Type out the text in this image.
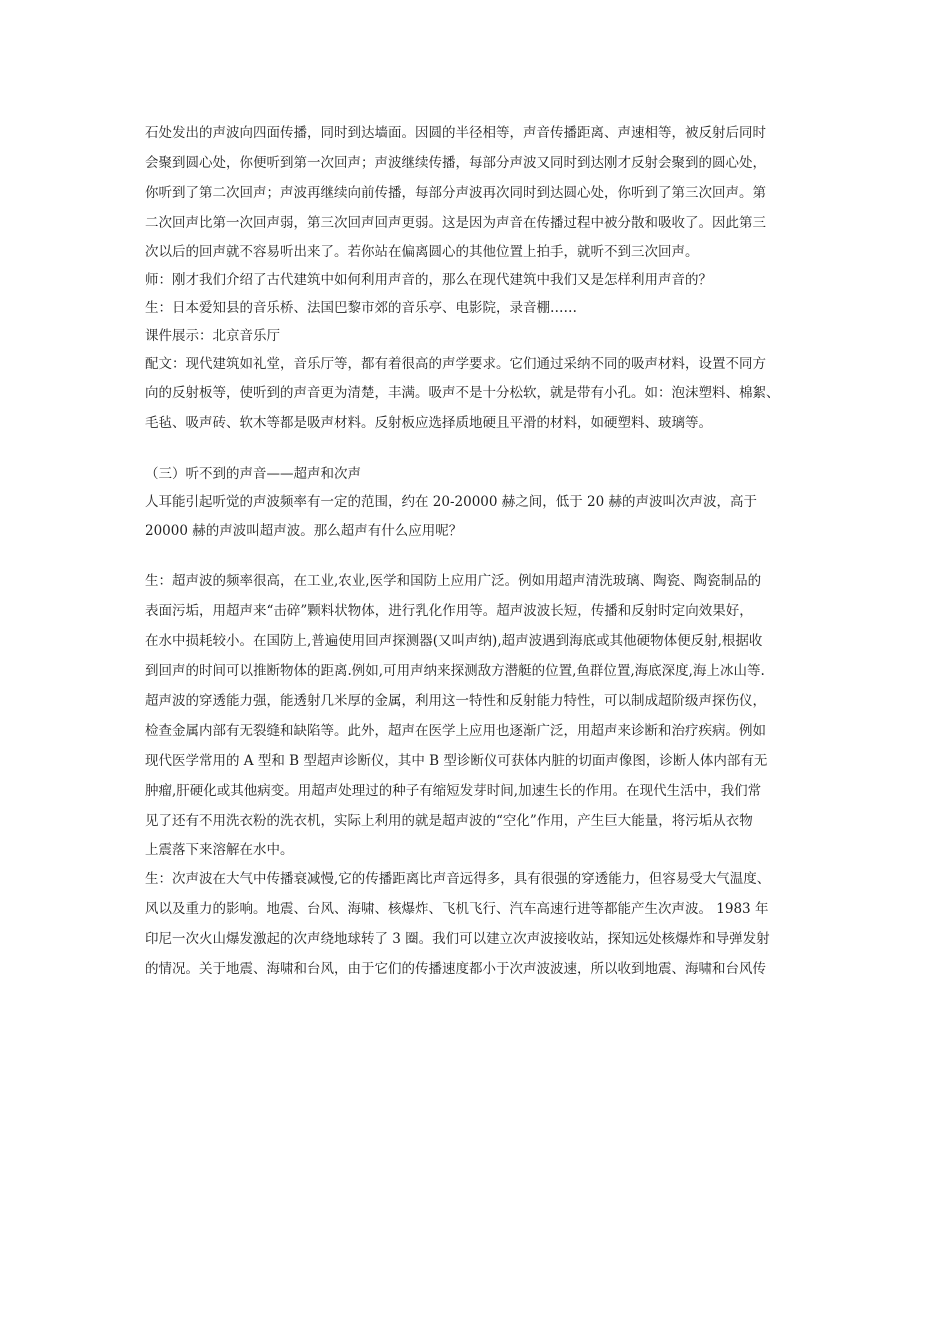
石处发出的声波向四面传播，同时到达墙面。因圆的半径相等，声音传播距离、声速相等，被反射后同时
会聚到圆心处，你便听到第一次回声；声波继续传播，每部分声波又同时到达刚才反射会聚到的圆心处，
你听到了第二次回声；声波再继续向前传播，每部分声波再次同时到达圆心处，你听到了第三次回声。第
二次回声比第一次回声弱，第三次回声回声更弱。这是因为声音在传播过程中被分散和吸收了。因此第三
次以后的回声就不容易听出来了。若你站在偏离圆心的其他位置上拍手，就听不到三次回声。
师：刚才我们介绍了古代建筑中如何利用声音的，那么在现代建筑中我们又是怎样利用声音的？
生：日本爱知县的音乐桥、法国巴黎市郊的音乐亭、电影院，录音棚……
课件展示：北京音乐厅
配文：现代建筑如礼堂，音乐厅等，都有着很高的声学要求。它们通过采纳不同的吸声材料，设置不同方
向的反射板等，使听到的声音更为清楚，丰满。吸声不是十分松软，就是带有小孔。如：泡沫塑料、棉絮、
毛毡、吸声砖、软木等都是吸声材料。反射板应选择质地硬且平滑的材料，如硬塑料、玻璃等。
（三）听不到的声音——超声和次声
人耳能引起听觉的声波频率有一定的范围，约在 20-20000 赫之间，低于 20 赫的声波叫次声波，高于
20000 赫的声波叫超声波。那么超声有什么应用呢？
生：超声波的频率很高，在工业,农业,医学和国防上应用广泛。例如用超声清洗玻璃、陶瓷、陶瓷制品的
表面污垢，用超声来“击碎”颗料状物体，进行乳化作用等。超声波波长短，传播和反射时定向效果好，
在水中损耗较小。在国防上,普遍使用回声探测器(又叫声纳),超声波遇到海底或其他硬物体便反射,根据收
到回声的时间可以推断物体的距离.例如,可用声纳来探测敌方潜艇的位置,鱼群位置,海底深度,海上冰山等.
超声波的穿透能力强，能透射几米厚的金属，利用这一特性和反射能力特性，可以制成超阶级声探伤仪，
检查金属内部有无裂缝和缺陷等。此外，超声在医学上应用也逐渐广泛，用超声来诊断和治疗疾病。例如
现代医学常用的 A 型和 B 型超声诊断仪，其中 B 型诊断仪可获体内脏的切面声像图，诊断人体内部有无
肿瘤,肝硬化或其他病变。用超声处理过的种子有缩短发芽时间,加速生长的作用。在现代生活中，我们常
见了还有不用洗衣粉的洗衣机，实际上利用的就是超声波的“空化”作用，产生巨大能量，将污垢从衣物
上震落下来溶解在水中。
生：次声波在大气中传播衰减慢,它的传播距离比声音远得多，具有很强的穿透能力，但容易受大气温度、
风以及重力的影响。地震、台风、海啸、核爆炸、飞机飞行、汽车高速行进等都能产生次声波。 1983 年
印尼一次火山爆发激起的次声绕地球转了 3 圈。我们可以建立次声波接收站，探知远处核爆炸和导弹发射
的情况。关于地震、海啸和台风，由于它们的传播速度都小于次声波波速，所以收到地震、海啸和台风传
